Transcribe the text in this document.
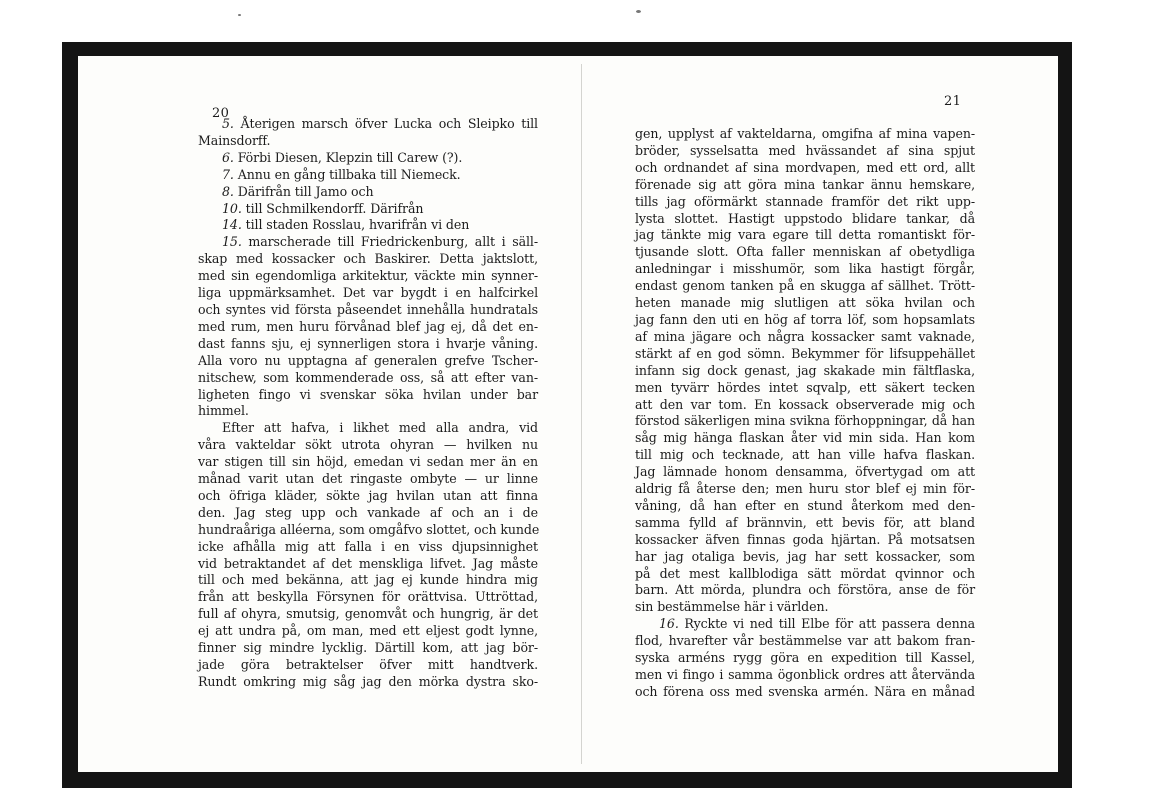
20
21
5. Återigen marsch öfver Lucka och Sleipko till
Mainsdorff.
6. Förbi Diesen, Klepzin till Carew (?).
7. Annu en gång tillbaka till Niemeck.
8. Därifrån till Jamo och
10. till Schmilkendorff. Därifrån
14. till staden Rosslau, hvarifrån vi den
15. marscherade till Friedrickenburg, allt i säll-
skap med kossacker och Baskirer. Detta jaktslott,
med sin egendomliga arkitektur, väckte min synner-
liga uppmärksamhet. Det var bygdt i en halfcirkel
och syntes vid första påseendet innehålla hundratals
med rum, men huru förvånad blef jag ej, då det en-
dast fanns sju, ej synnerligen stora i hvarje våning.
Alla voro nu upptagna af generalen grefve Tscher-
nitschew, som kommenderade oss, så att efter van-
ligheten fingo vi svenskar söka hvilan under bar
himmel.
Efter att hafva, i likhet med alla andra, vid
våra vakteldar sökt utrota ohyran — hvilken nu
var stigen till sin höjd, emedan vi sedan mer än en
månad varit utan det ringaste ombyte — ur linne
och öfriga kläder, sökte jag hvilan utan att finna
den. Jag steg upp och vankade af och an i de
hundraåriga alléerna, som omgåfvo slottet, och kunde
icke afhålla mig att falla i en viss djupsinnighet
vid betraktandet af det menskliga lifvet. Jag måste
till och med bekänna, att jag ej kunde hindra mig
från att beskylla Försynen för orättvisa. Uttröttad,
full af ohyra, smutsig, genomvåt och hungrig, är det
ej att undra på, om man, med ett eljest godt lynne,
finner sig mindre lycklig. Därtill kom, att jag bör-
jade göra betraktelser öfver mitt handtverk.
Rundt omkring mig såg jag den mörka dystra sko-
gen, upplyst af vakteldarna, omgifna af mina vapen-
bröder, sysselsatta med hvässandet af sina spjut
och ordnandet af sina mordvapen, med ett ord, allt
förenade sig att göra mina tankar ännu hemskare,
tills jag oförmärkt stannade framför det rikt upp-
lysta slottet. Hastigt uppstodo blidare tankar, då
jag tänkte mig vara egare till detta romantiskt för-
tjusande slott. Ofta faller menniskan af obetydliga
anledningar i misshumör, som lika hastigt förgår,
endast genom tanken på en skugga af sällhet. Trött-
heten manade mig slutligen att söka hvilan och
jag fann den uti en hög af torra löf, som hopsamlats
af mina jägare och några kossacker samt vaknade,
stärkt af en god sömn. Bekymmer för lifsuppehället
infann sig dock genast, jag skakade min fältflaska,
men tyvärr hördes intet sqvalp, ett säkert tecken
att den var tom. En kossack observerade mig och
förstod säkerligen mina svikna förhoppningar, då han
såg mig hänga flaskan åter vid min sida. Han kom
till mig och tecknade, att han ville hafva flaskan.
Jag lämnade honom densamma, öfvertygad om att
aldrig få återse den; men huru stor blef ej min för-
våning, då han efter en stund återkom med den-
samma fylld af brännvin, ett bevis för, att bland
kossacker äfven finnas goda hjärtan. På motsatsen
har jag otaliga bevis, jag har sett kossacker, som
på det mest kallblodiga sätt mördat qvinnor och
barn. Att mörda, plundra och förstöra, anse de för
sin bestämmelse här i världen.
16. Ryckte vi ned till Elbe för att passera denna
flod, hvarefter vår bestämmelse var att bakom fran-
syska arméns rygg göra en expedition till Kassel,
men vi fingo i samma ögonblick ordres att återvända
och förena oss med svenska armén. Nära en månad
